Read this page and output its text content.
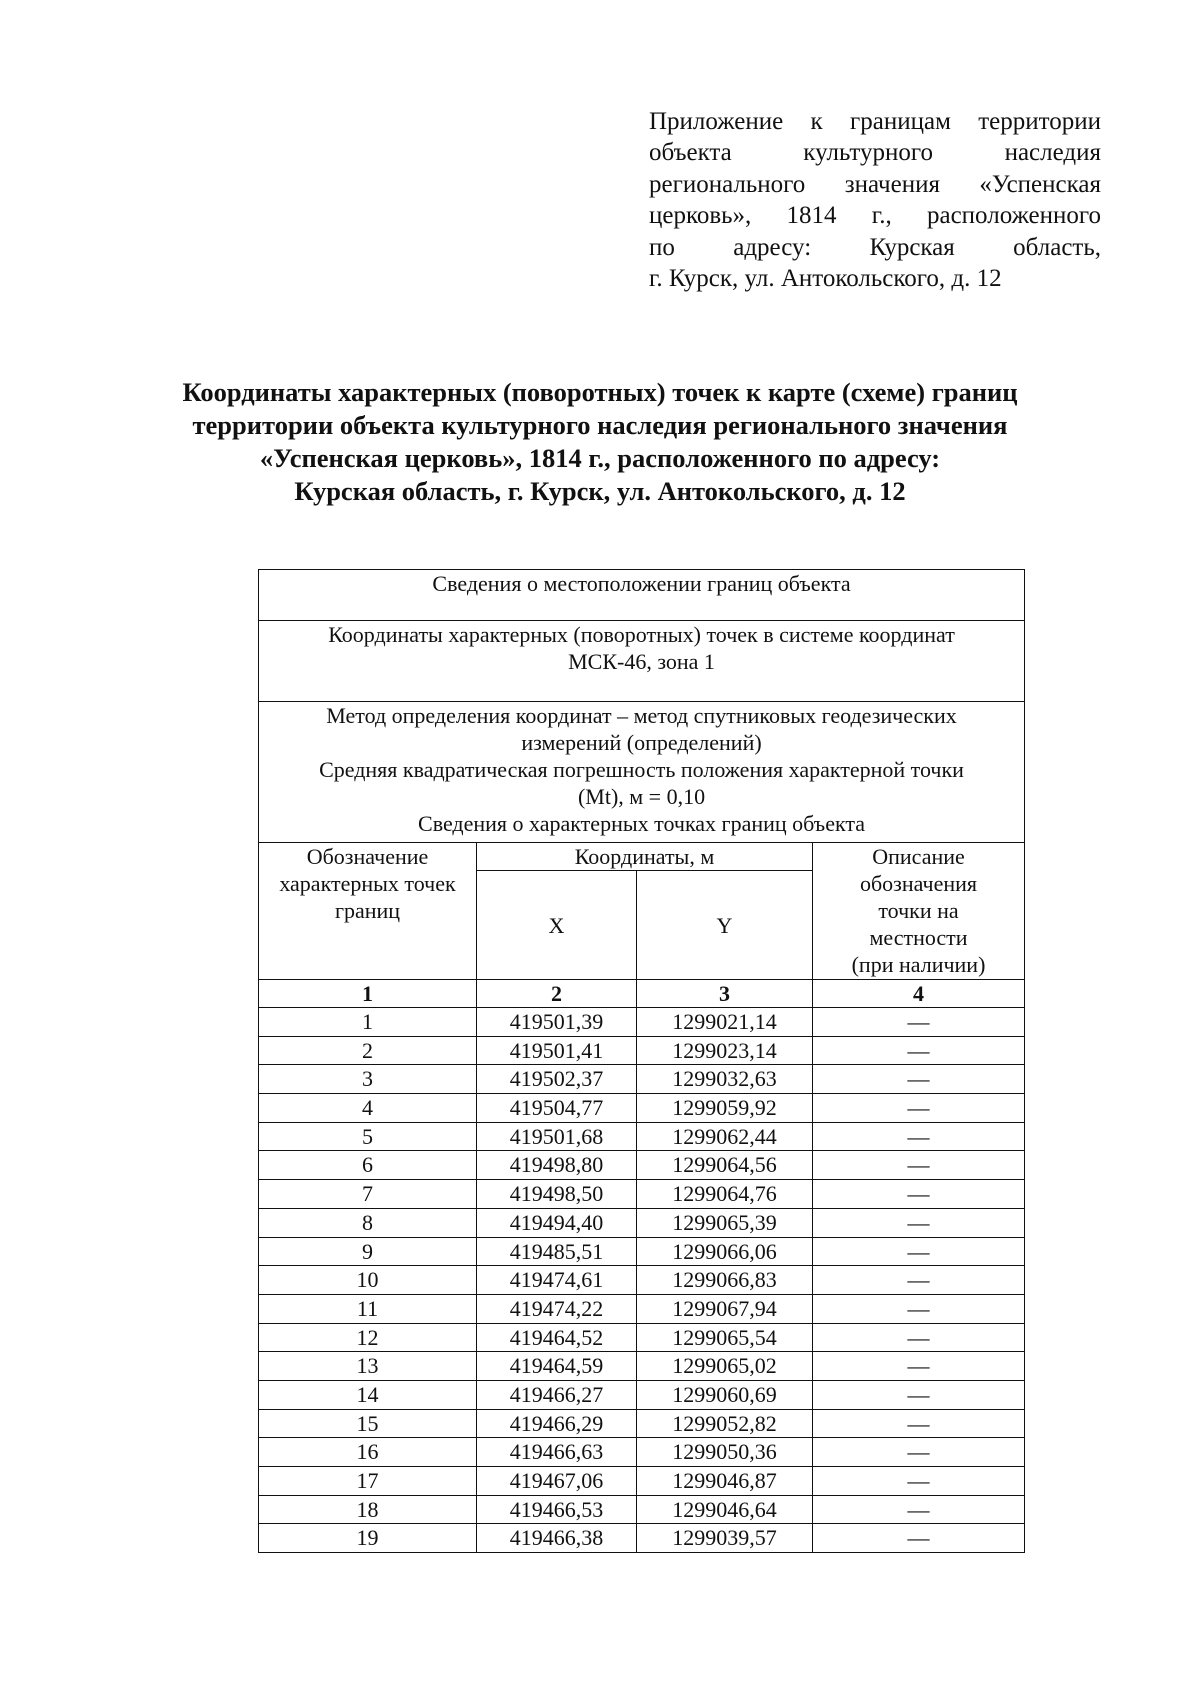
Приложение к границам территории
объекта культурного наследия
регионального значения «Успенская
церковь», 1814 г., расположенного
по адресу: Курская область,
г. Курск, ул. Антокольского, д. 12
Координаты характерных (поворотных) точек к карте (схеме) границ
территории объекта культурного наследия регионального значения
«Успенская церковь», 1814 г., расположенного по адресу:
Курская область, г. Курск, ул. Антокольского, д. 12
Сведения о местоположении границ объекта			

Координаты характерных (поворотных) точек в системе координат
МСК-46, зона 1			

Метод определения координат – метод спутниковых геодезических
измерений (определений)
Средняя квадратическая погрешность положения характерной точки
(Mt), м = 0,10
Сведения о характерных точках границ объекта			

Обозначение
характерных точек
границ	Координаты, м		Описание
обозначения
точки на
местности
(при наличии)

	X	Y	
1	2	3	4
1	419501,39	1299021,14	—
2	419501,41	1299023,14	—
3	419502,37	1299032,63	—
4	419504,77	1299059,92	—
5	419501,68	1299062,44	—
6	419498,80	1299064,56	—
7	419498,50	1299064,76	—
8	419494,40	1299065,39	—
9	419485,51	1299066,06	—
10	419474,61	1299066,83	—
11	419474,22	1299067,94	—
12	419464,52	1299065,54	—
13	419464,59	1299065,02	—
14	419466,27	1299060,69	—
15	419466,29	1299052,82	—
16	419466,63	1299050,36	—
17	419467,06	1299046,87	—
18	419466,53	1299046,64	—
19	419466,38	1299039,57	—
